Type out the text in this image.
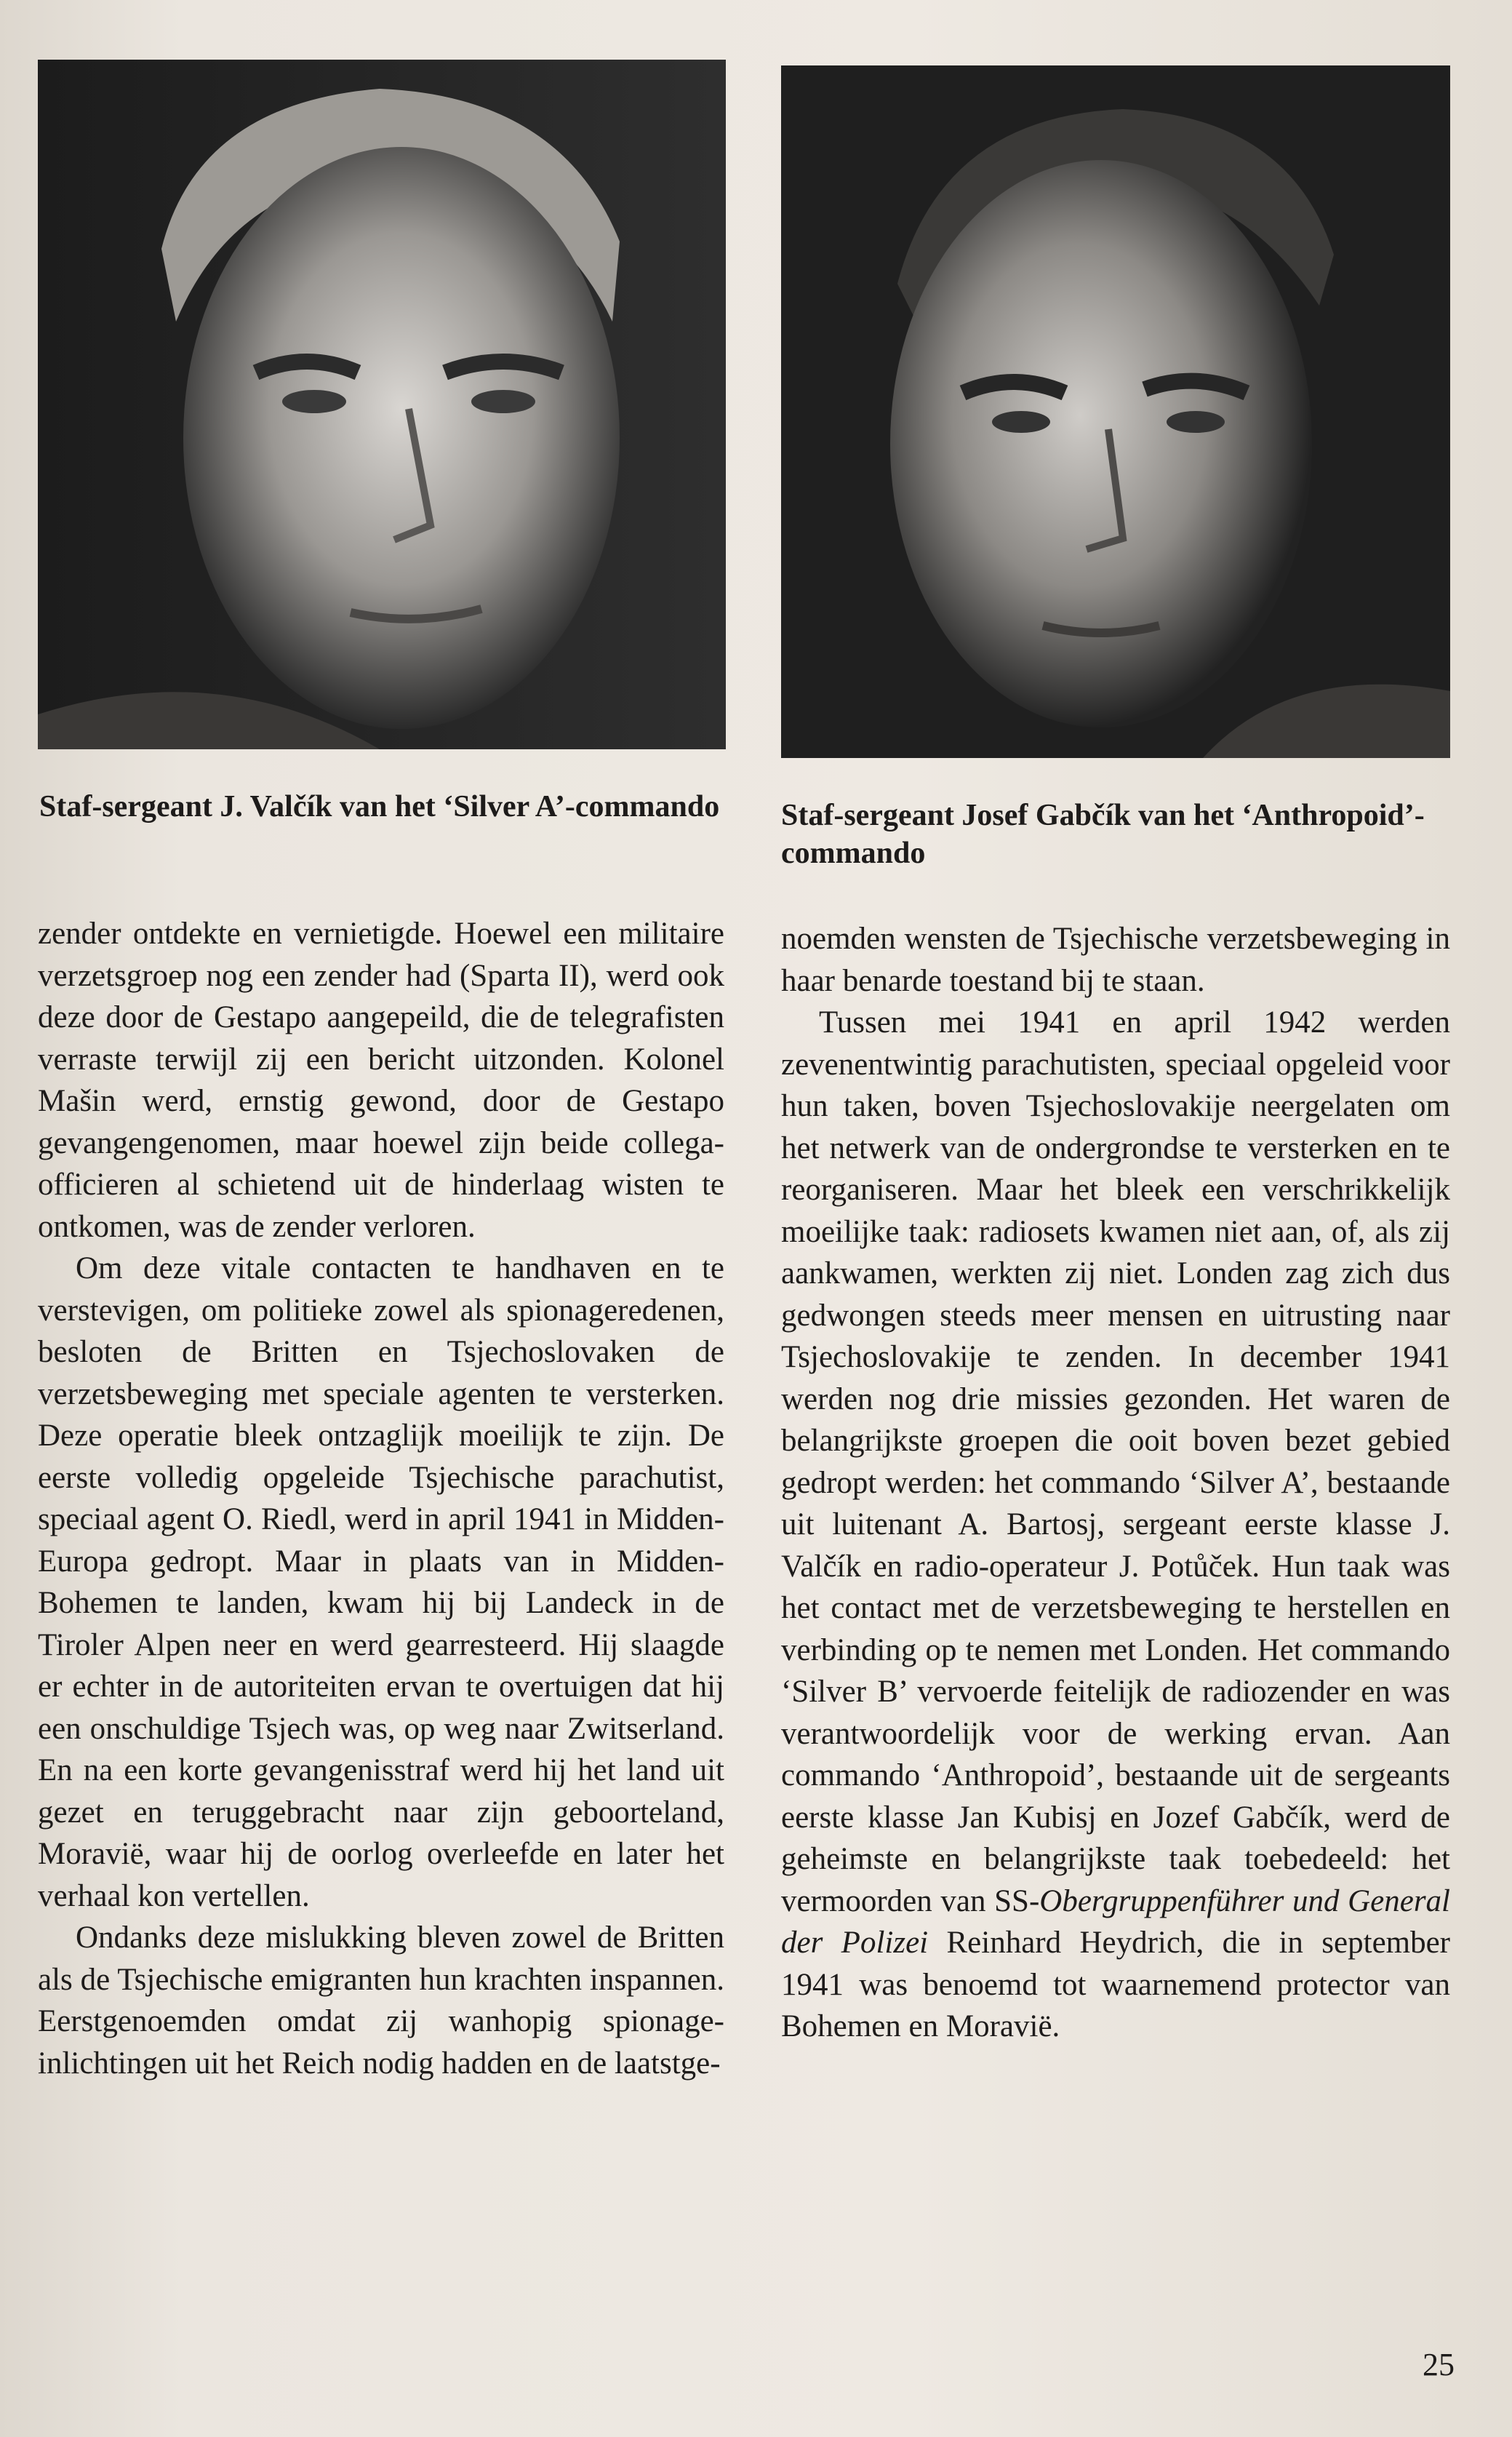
Staf-sergeant J. Valčík van het ‘Silver A’-commando Staf-sergeant Josef Gabčík van het ‘Anthropoid’-commando

zender ontdekte en vernietigde. Hoewel een militaire verzetsgroep nog een zender had (Sparta II), werd ook deze door de Gestapo aangepeild, die de telegrafisten verraste terwijl zij een bericht uitzonden. Kolonel Mašin werd, ernstig gewond, door de Gestapo gevangengenomen, maar hoewel zijn beide collega-officieren al schietend uit de hinderlaag wisten te ontkomen, was de zender verloren.

Om deze vitale contacten te handhaven en te verstevigen, om politieke zowel als spionageredenen, besloten de Britten en Tsjechoslovaken de verzetsbeweging met speciale agenten te versterken. Deze operatie bleek ontzaglijk moeilijk te zijn. De eerste volledig opgeleide Tsjechische parachutist, speciaal agent O. Riedl, werd in april 1941 in Midden-Europa gedropt. Maar in plaats van in Midden-Bohemen te landen, kwam hij bij Landeck in de Tiroler Alpen neer en werd gearresteerd. Hij slaagde er echter in de autoriteiten ervan te overtuigen dat hij een onschuldige Tsjech was, op weg naar Zwitserland. En na een korte gevangenisstraf werd hij het land uit gezet en teruggebracht naar zijn geboorteland, Moravië, waar hij de oorlog overleefde en later het verhaal kon vertellen.

Ondanks deze mislukking bleven zowel de Britten als de Tsjechische emigranten hun krachten inspannen. Eerstgenoemden omdat zij wanhopig spionage-inlichtingen uit het Reich nodig hadden en de laatstge-

noemden wensten de Tsjechische verzetsbeweging in haar benarde toestand bij te staan.

Tussen mei 1941 en april 1942 werden zevenentwintig parachutisten, speciaal opgeleid voor hun taken, boven Tsjechoslovakije neergelaten om het netwerk van de ondergrondse te versterken en te reorganiseren. Maar het bleek een verschrikkelijk moeilijke taak: radiosets kwamen niet aan, of, als zij aankwamen, werkten zij niet. Londen zag zich dus gedwongen steeds meer mensen en uitrusting naar Tsjechoslovakije te zenden. In december 1941 werden nog drie missies gezonden. Het waren de belangrijkste groepen die ooit boven bezet gebied gedropt werden: het commando ‘Silver A’, bestaande uit luitenant A. Bartosj, sergeant eerste klasse J. Valčík en radio-operateur J. Potůček. Hun taak was het contact met de verzetsbeweging te herstellen en verbinding op te nemen met Londen. Het commando ‘Silver B’ vervoerde feitelijk de radiozender en was verantwoordelijk voor de werking ervan. Aan commando ‘Anthropoid’, bestaande uit de sergeants eerste klasse Jan Kubisj en Jozef Gabčík, werd de geheimste en belangrijkste taak toebedeeld: het vermoorden van SS-Obergruppenführer und General der Polizei Reinhard Heydrich, die in september 1941 was benoemd tot waarnemend protector van Bohemen en Moravië.

25
